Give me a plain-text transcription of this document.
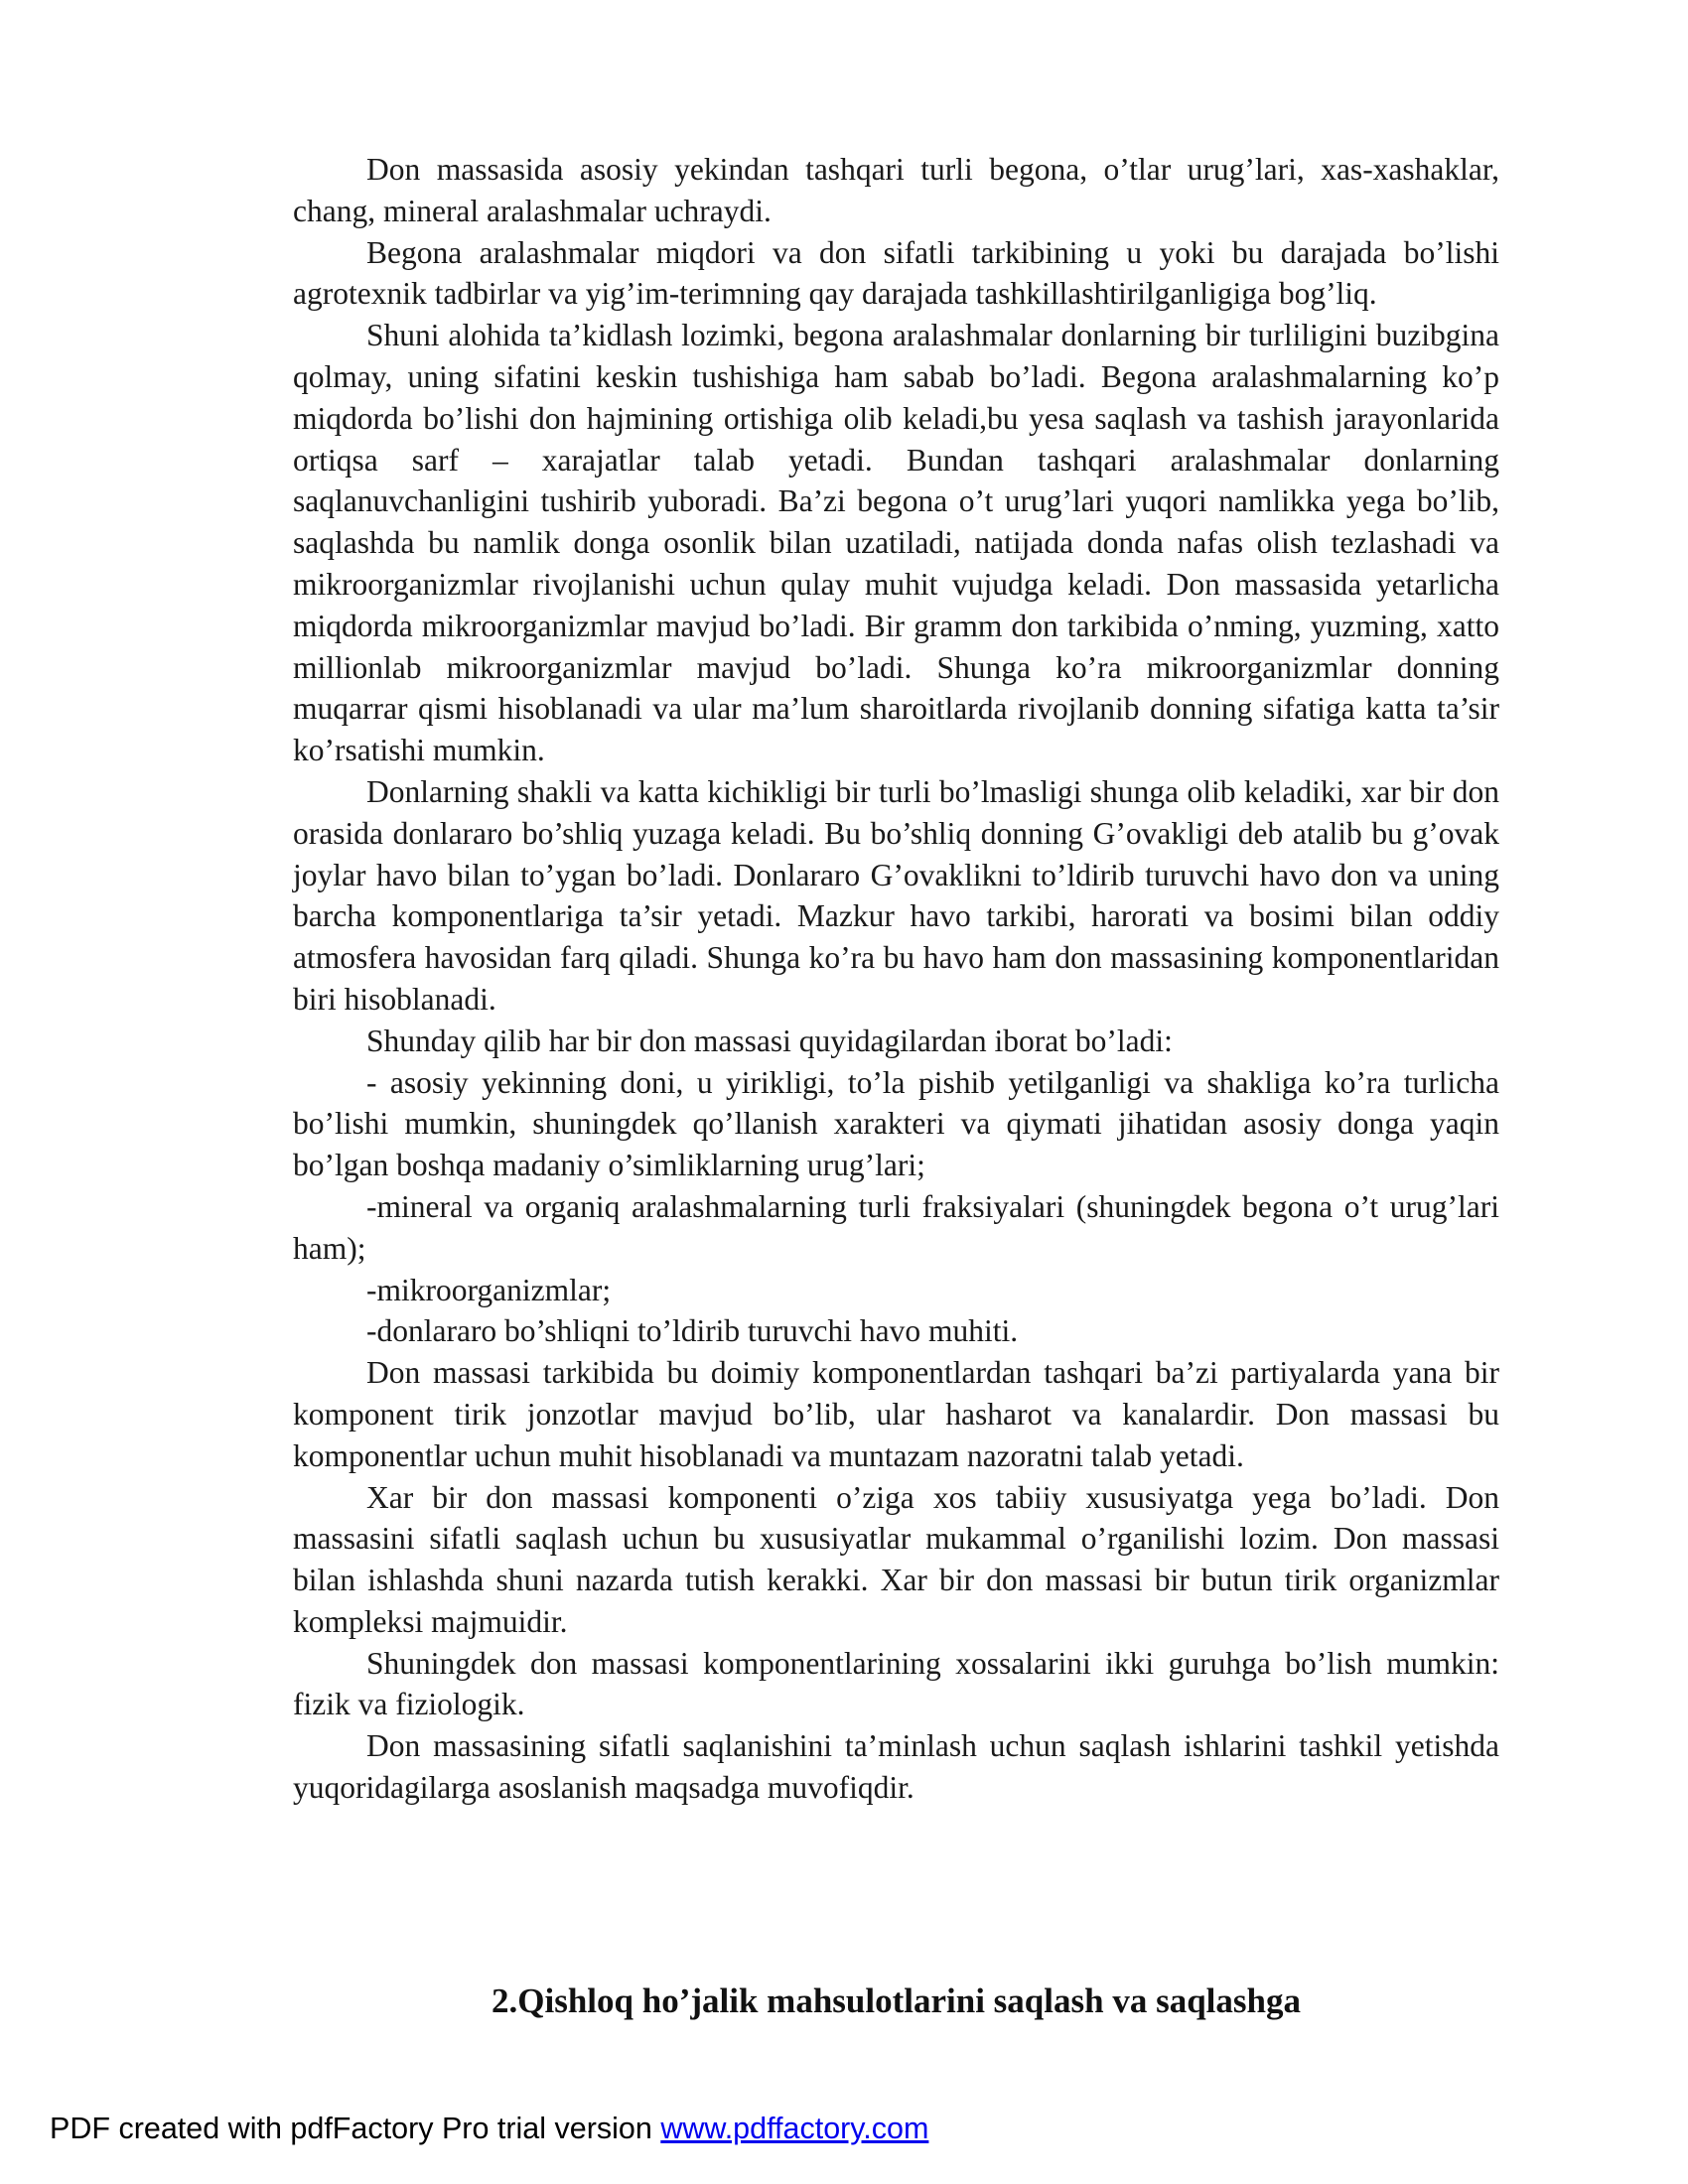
Don massasida asosiy yekindan tashqari turli begona, o’tlar urug’lari, xas-xashaklar, chang, mineral aralashmalar uchraydi.

Begona aralashmalar miqdori va don sifatli tarkibining u yoki bu darajada bo’lishi agrotexnik tadbirlar va yig’im-terimning qay darajada tashkillashtirilganligiga bog’liq.

Shuni alohida ta’kidlash lozimki, begona aralashmalar donlarning bir turliligini buzibgina qolmay, uning sifatini keskin tushishiga ham sabab bo’ladi. Begona aralashmalarning ko’p miqdorda bo’lishi don hajmining ortishiga olib keladi,bu yesa saqlash va tashish jarayonlarida ortiqsa sarf – xarajatlar talab yetadi. Bundan tashqari aralashmalar donlarning saqlanuvchanligini tushirib yuboradi. Ba’zi begona o’t urug’lari yuqori namlikka yega bo’lib, saqlashda bu namlik donga osonlik bilan uzatiladi, natijada donda nafas olish tezlashadi va mikroorganizmlar rivojlanishi uchun qulay muhit vujudga keladi. Don massasida yetarlicha miqdorda mikroorganizmlar mavjud bo’ladi. Bir gramm don tarkibida o’nming, yuzming, xatto millionlab mikroorganizmlar mavjud bo’ladi. Shunga ko’ra mikroorganizmlar donning muqarrar qismi hisoblanadi va ular ma’lum sharoitlarda rivojlanib donning sifatiga katta ta’sir ko’rsatishi mumkin.

Donlarning shakli va katta kichikligi bir turli bo’lmasligi shunga olib keladiki, xar bir don orasida donlararo bo’shliq yuzaga keladi. Bu bo’shliq donning G’ovakligi deb atalib bu g’ovak joylar havo bilan to’ygan bo’ladi. Donlararo G’ovaklikni to’ldirib turuvchi havo don va uning barcha komponentlariga ta’sir yetadi. Mazkur havo tarkibi, harorati va bosimi bilan oddiy atmosfera havosidan farq qiladi. Shunga ko’ra bu havo ham don massasining komponentlaridan biri hisoblanadi.

Shunday qilib har bir don massasi quyidagilardan iborat bo’ladi:

- asosiy yekinning doni, u yirikligi, to’la pishib yetilganligi va shakliga ko’ra turlicha bo’lishi mumkin, shuningdek qo’llanish xarakteri va qiymati jihatidan asosiy donga yaqin bo’lgan boshqa madaniy o’simliklarning urug’lari;

-mineral va organiq aralashmalarning turli fraksiyalari (shuningdek begona o’t urug’lari ham);

-mikroorganizmlar;

-donlararo bo’shliqni to’ldirib turuvchi havo muhiti.

Don massasi tarkibida bu doimiy komponentlardan tashqari ba’zi partiyalarda yana bir komponent tirik jonzotlar mavjud bo’lib, ular hasharot va kanalardir. Don massasi bu komponentlar uchun muhit hisoblanadi va muntazam nazoratni talab yetadi.

Xar bir don massasi komponenti o’ziga xos tabiiy xususiyatga yega bo’ladi. Don massasini sifatli saqlash uchun bu xususiyatlar mukammal o’rganilishi lozim. Don massasi bilan ishlashda shuni nazarda tutish kerakki. Xar bir don massasi bir butun tirik organizmlar kompleksi majmuidir.

Shuningdek don massasi komponentlarining xossalarini ikki guruhga bo’lish mumkin: fizik va fiziologik.

Don massasining sifatli saqlanishini ta’minlash uchun saqlash ishlarini tashkil yetishda yuqoridagilarga asoslanish maqsadga muvofiqdir.

2.Qishloq ho’jalik mahsulotlarini saqlash va saqlashga
PDF created with pdfFactory Pro trial version www.pdffactory.com
